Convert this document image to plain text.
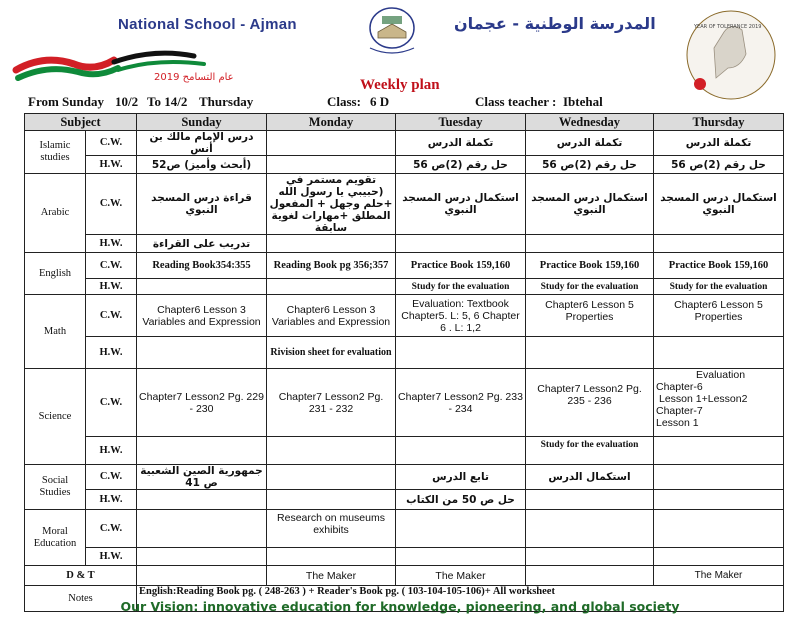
National School - Ajman	المدرسة الوطنية - عجمان
2019 عام التسامح
YEAR OF TOLERANCE 2019
Weekly plan
From Sunday 10/2 To 14/2 Thursday	Class: 6 D	Class teacher : Ibtehal
Subject		Sunday	Monday	Tuesday	Wednesday	Thursday
Islamic studies	C.W.	درس الإمام مالك بن أنس		تكملة الدرس	تكملة الدرس	تكملة الدرس
	H.W.	(أبحث وأميز) ص52		حل رقم (2)ص 56	حل رقم (2)ص 56	حل رقم (2)ص 56
Arabic	C.W.	قراءة درس المسجد النبوي	تقويم مستمر في (حبيبي يا رسول الله +حلم وجهل + المفعول المطلق +مهارات لغوية سابقة	استكمال درس المسجد النبوي	استكمال درس المسجد النبوي	استكمال درس المسجد النبوي
	H.W.	تدريب على القراءة				
English	C.W.	Reading Book354:355	Reading Book pg 356;357	Practice Book 159,160	Practice Book 159,160	Practice Book 159,160
	H.W.			Study for the evaluation	Study for the evaluation	Study for the evaluation
Math	C.W.	Chapter6 Lesson 3 Variables and Expression	Chapter6 Lesson 3 Variables and Expression	Evaluation: Textbook Chapter5. L: 5, 6 Chapter 6 . L: 1,2	Chapter6 Lesson 5 Properties	Chapter6 Lesson 5 Properties
	H.W.		Rivision sheet for evaluation			
Science	C.W.	Chapter7 Lesson2 Pg. 229 - 230	Chapter7 Lesson2 Pg. 231 - 232	Chapter7 Lesson2 Pg. 233 - 234	Chapter7 Lesson2 Pg. 235 - 236	Evaluation
Chapter-6
Lesson 1+Lesson2
Chapter-7
Lesson 1

	H.W.				Study for the evaluation	
Social Studies	C.W.	جمهورية الصين الشعبية ص 41		تابع الدرس	استكمال الدرس	
	H.W.			حل ص 50 من الكتاب		
Moral Education	C.W.		Research on museums exhibits			
	H.W.					
D & T			The Maker	The Maker		The Maker
Notes		English:Reading Book pg. ( 248-263 ) + Reader's Book pg. ( 103-104-105-106)+ All worksheet				
Our Vision: innovative education for knowledge, pioneering, and global society
